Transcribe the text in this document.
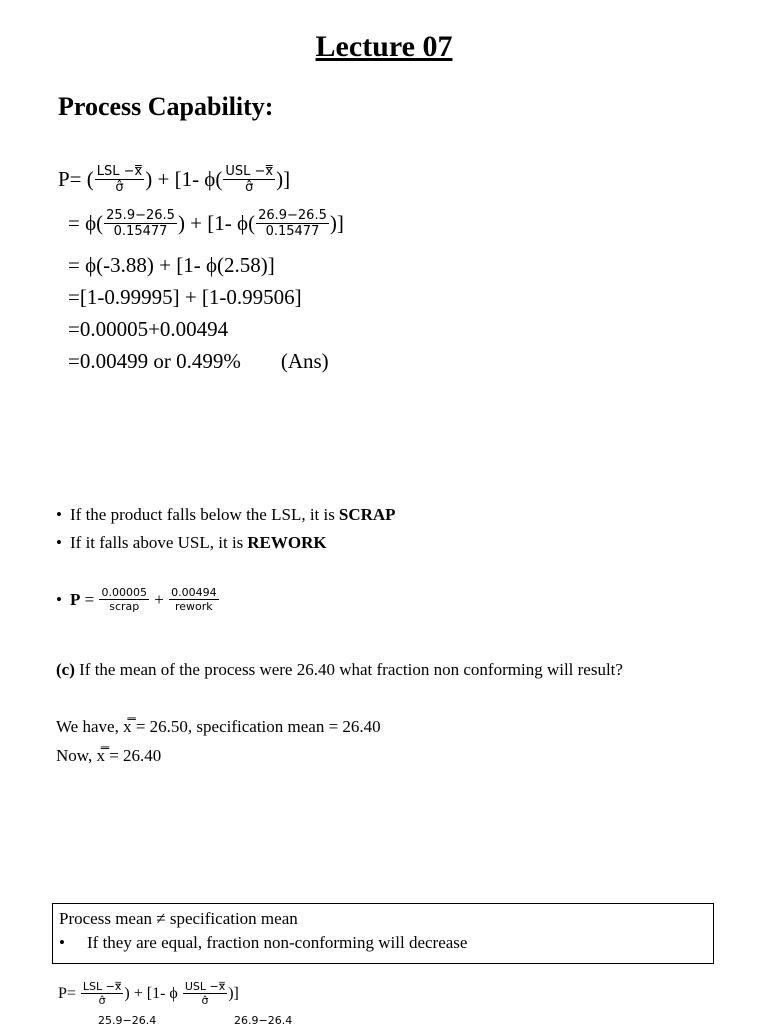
Lecture 07
Process Capability:
P= ( $\frac{\text{LSL −x̿}}{\sigmâ}$ ) + [1- $\phi( \frac{\text{USL −x̿}}{\sigmâ}$ )]
= $\phi( \frac{25.9-26.5}{0.15477}$ ) + [1- $\phi( \frac{26.9-26.5}{0.15477}$ )]
= ϕ(-3.88) + [1- ϕ(2.58)]
=[1-0.99995] + [1-0.99506]
=0.00005+0.00494
=0.00499 or 0.499% (Ans)
• If the product falls below the LSL, it is SCRAP
• If it falls above USL, it is REWORK
• $P = \frac{0.00005}{\text{scrap}} + \frac{0.00494}{\text{rework}}$
(c) If the mean of the process were 26.40 what fraction non conforming will result?
We have, x̿ = 26.50, specification mean = 26.40
Now, x̿ = 26.40
Process mean ≠ specification mean
•	If they are equal, fraction non-conforming will decrease
$P= \frac{\text{LSL −x̿}}{\sigmâ}$ ) + [1- ϕ $\frac{\text{USL −x̿}}{\sigmâ}$ )]
25.9−26.4	26.9−26.4
